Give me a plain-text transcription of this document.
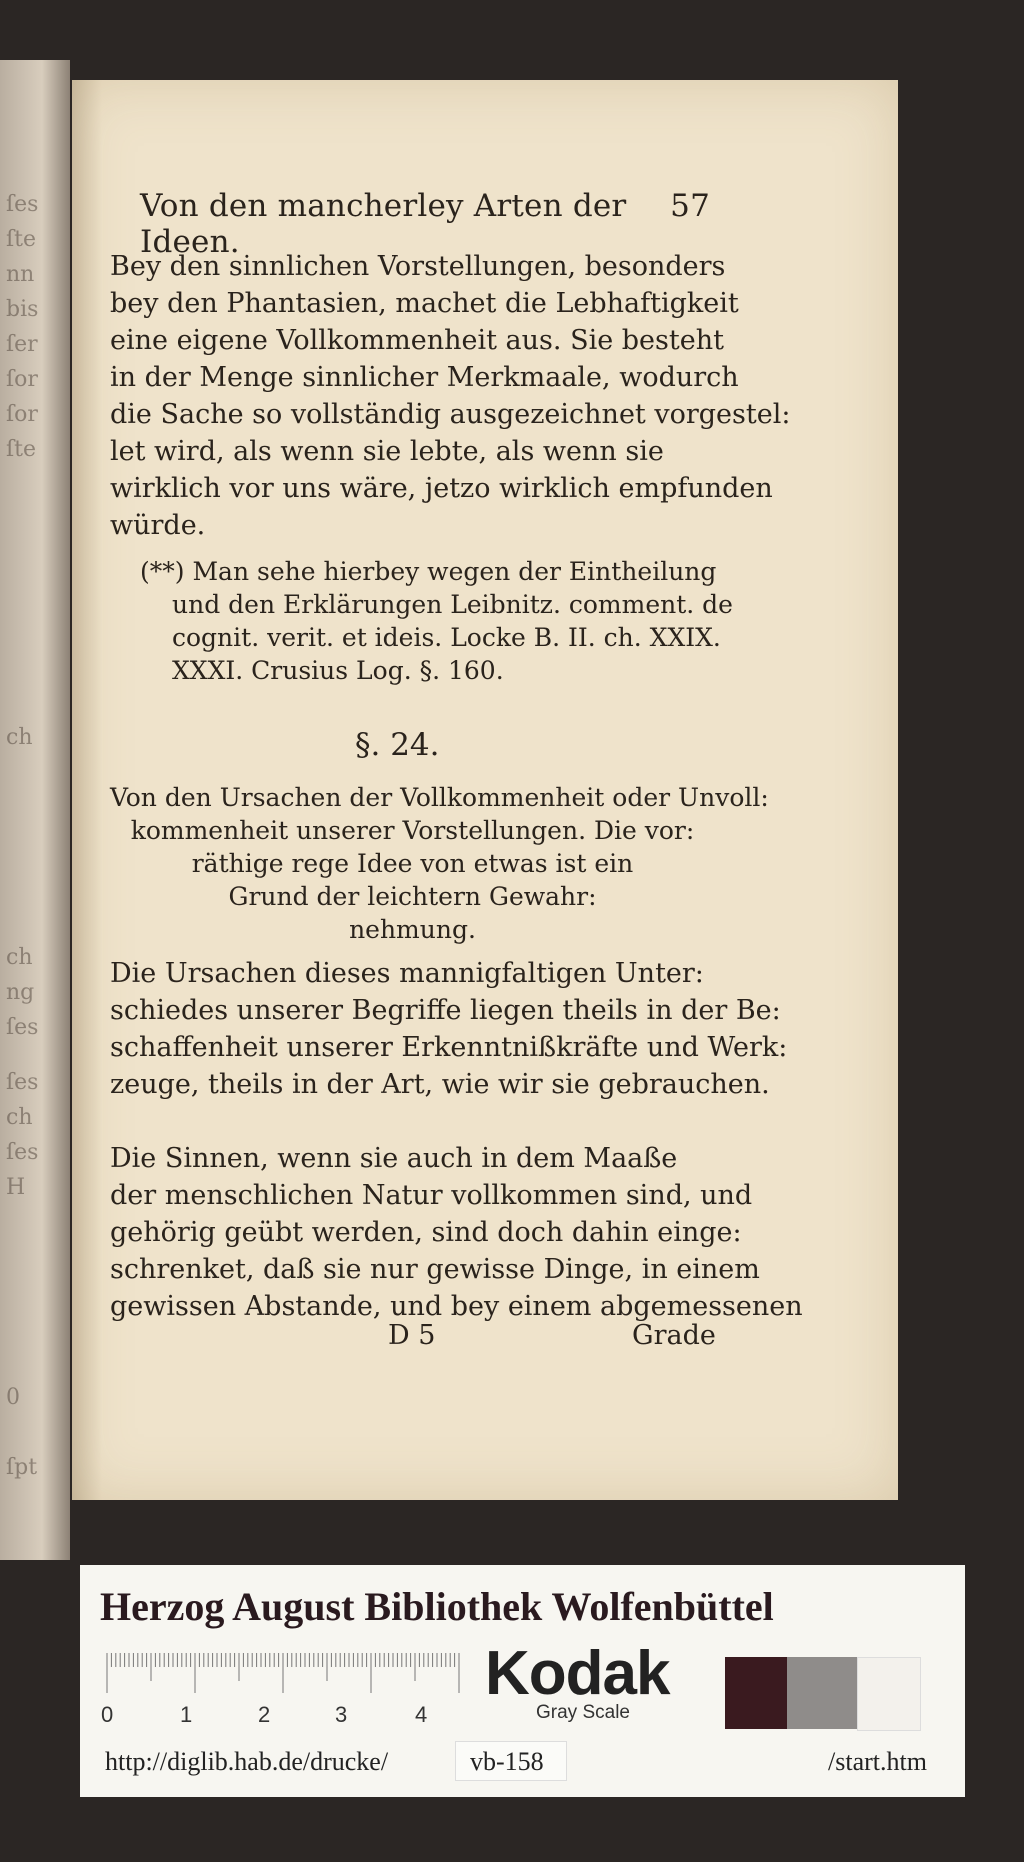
ſes
ſte
nn
bis
ſer
ſor
ſor
ſte
ch
ch
ng
ſes
ſes
ch
ſes
H
0
ſpt
Von den mancherley Arten der Ideen.
57
Bey den sinnlichen Vorstellungen, besonders
bey den Phantasien, machet die Lebhaftigkeit
eine eigene Vollkommenheit aus. Sie besteht
in der Menge sinnlicher Merkmaale, wodurch
die Sache so vollständig ausgezeichnet vorgestel:
let wird, als wenn sie lebte, als wenn sie
wirklich vor uns wäre, jetzo wirklich empfunden
würde.
(**) Man sehe hierbey wegen der Eintheilung
und den Erklärungen Leibnitz. comment. de
cognit. verit. et ideis. Locke B. II. ch. XXIX.
XXXI. Crusius Log. §. 160.
§. 24.
Von den Ursachen der Vollkommenheit oder Unvoll:
kommenheit unserer Vorstellungen. Die vor:
räthige rege Idee von etwas ist ein
Grund der leichtern Gewahr:
nehmung.
Die Ursachen dieses mannigfaltigen Unter:
schiedes unserer Begriffe liegen theils in der Be:
schaffenheit unserer Erkenntnißkräfte und Werk:
zeuge, theils in der Art, wie wir sie gebrauchen.
Die Sinnen, wenn sie auch in dem Maaße
der menschlichen Natur vollkommen sind, und
gehörig geübt werden, sind doch dahin einge:
schrenket, daß sie nur gewisse Dinge, in einem
gewissen Abstande, und bey einem abgemessenen
D 5	Grade
Herzog August Bibliothek Wolfenbüttel
0	1	2	3	4
Kodak
Gray Scale
http://diglib.hab.de/drucke/	vb-158	/start.htm
